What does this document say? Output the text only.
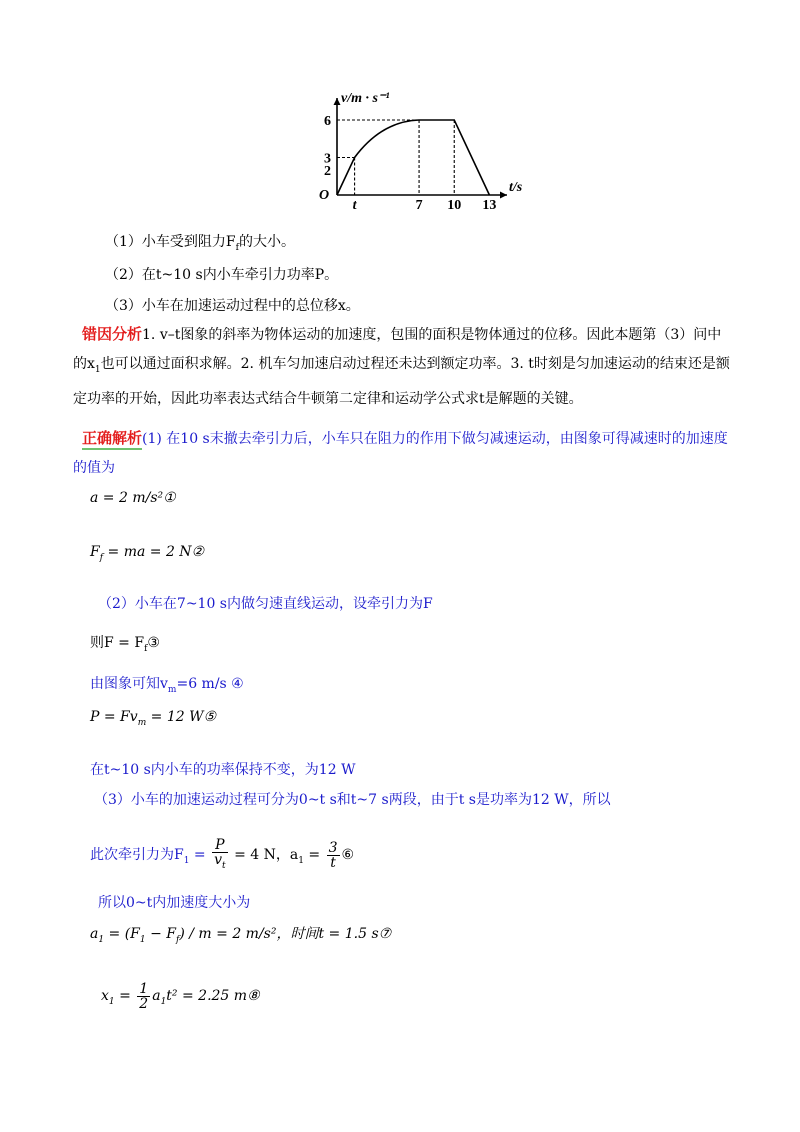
O
t	7 10 13
2
3
6
t/s
v/m · s⁻¹
（1）小车受到阻力$F_f$的大小。
（2）在t~10 s内小车牵引力功率P。
（3）小车在加速运动过程中的总位移x。
错因分析1. v–t图象的斜率为物体运动的加速度，包围的面积是物体通过的位移。因此本题第（3）问中的$x_1$也可以通过面积求解。2. 机车匀加速启动过程还未达到额定功率。3. t时刻是匀加速运动的结束还是额定功率的开始，因此功率表达式结合牛顿第二定律和运动学公式求t是解题的关键。
正确解析(1) 在10 s末撤去牵引力后，小车只在阻力的作用下做匀减速运动，由图象可得减速时的加速度的值为
a = 2 m/s²①
$F_f$ = ma = 2 N②
（2）小车在7~10 s内做匀速直线运动，设牵引力为F
则$F = F_f③$
由图象可知$v_m=6$ m/s ④
$P = Fv_m = 12$ W⑤
在t~10 s内小车的功率保持不变，为12 W
（3）小车的加速运动过程可分为0~t s和t~7 s两段，由于t s是功率为12 W，所以
此次牵引力为$F_1 = \frac{P}{v_t} = 4$ N，$a_1 = \frac{3}{t}$ ⑥
所以0~t内加速度大小为
$a_1 = (F_1 - F_f) / m = 2$ m/s²，时间t = 1.5 s⑦
$x_1 = \frac{1}{2} a_1t^2 = 2.25$ m⑧
